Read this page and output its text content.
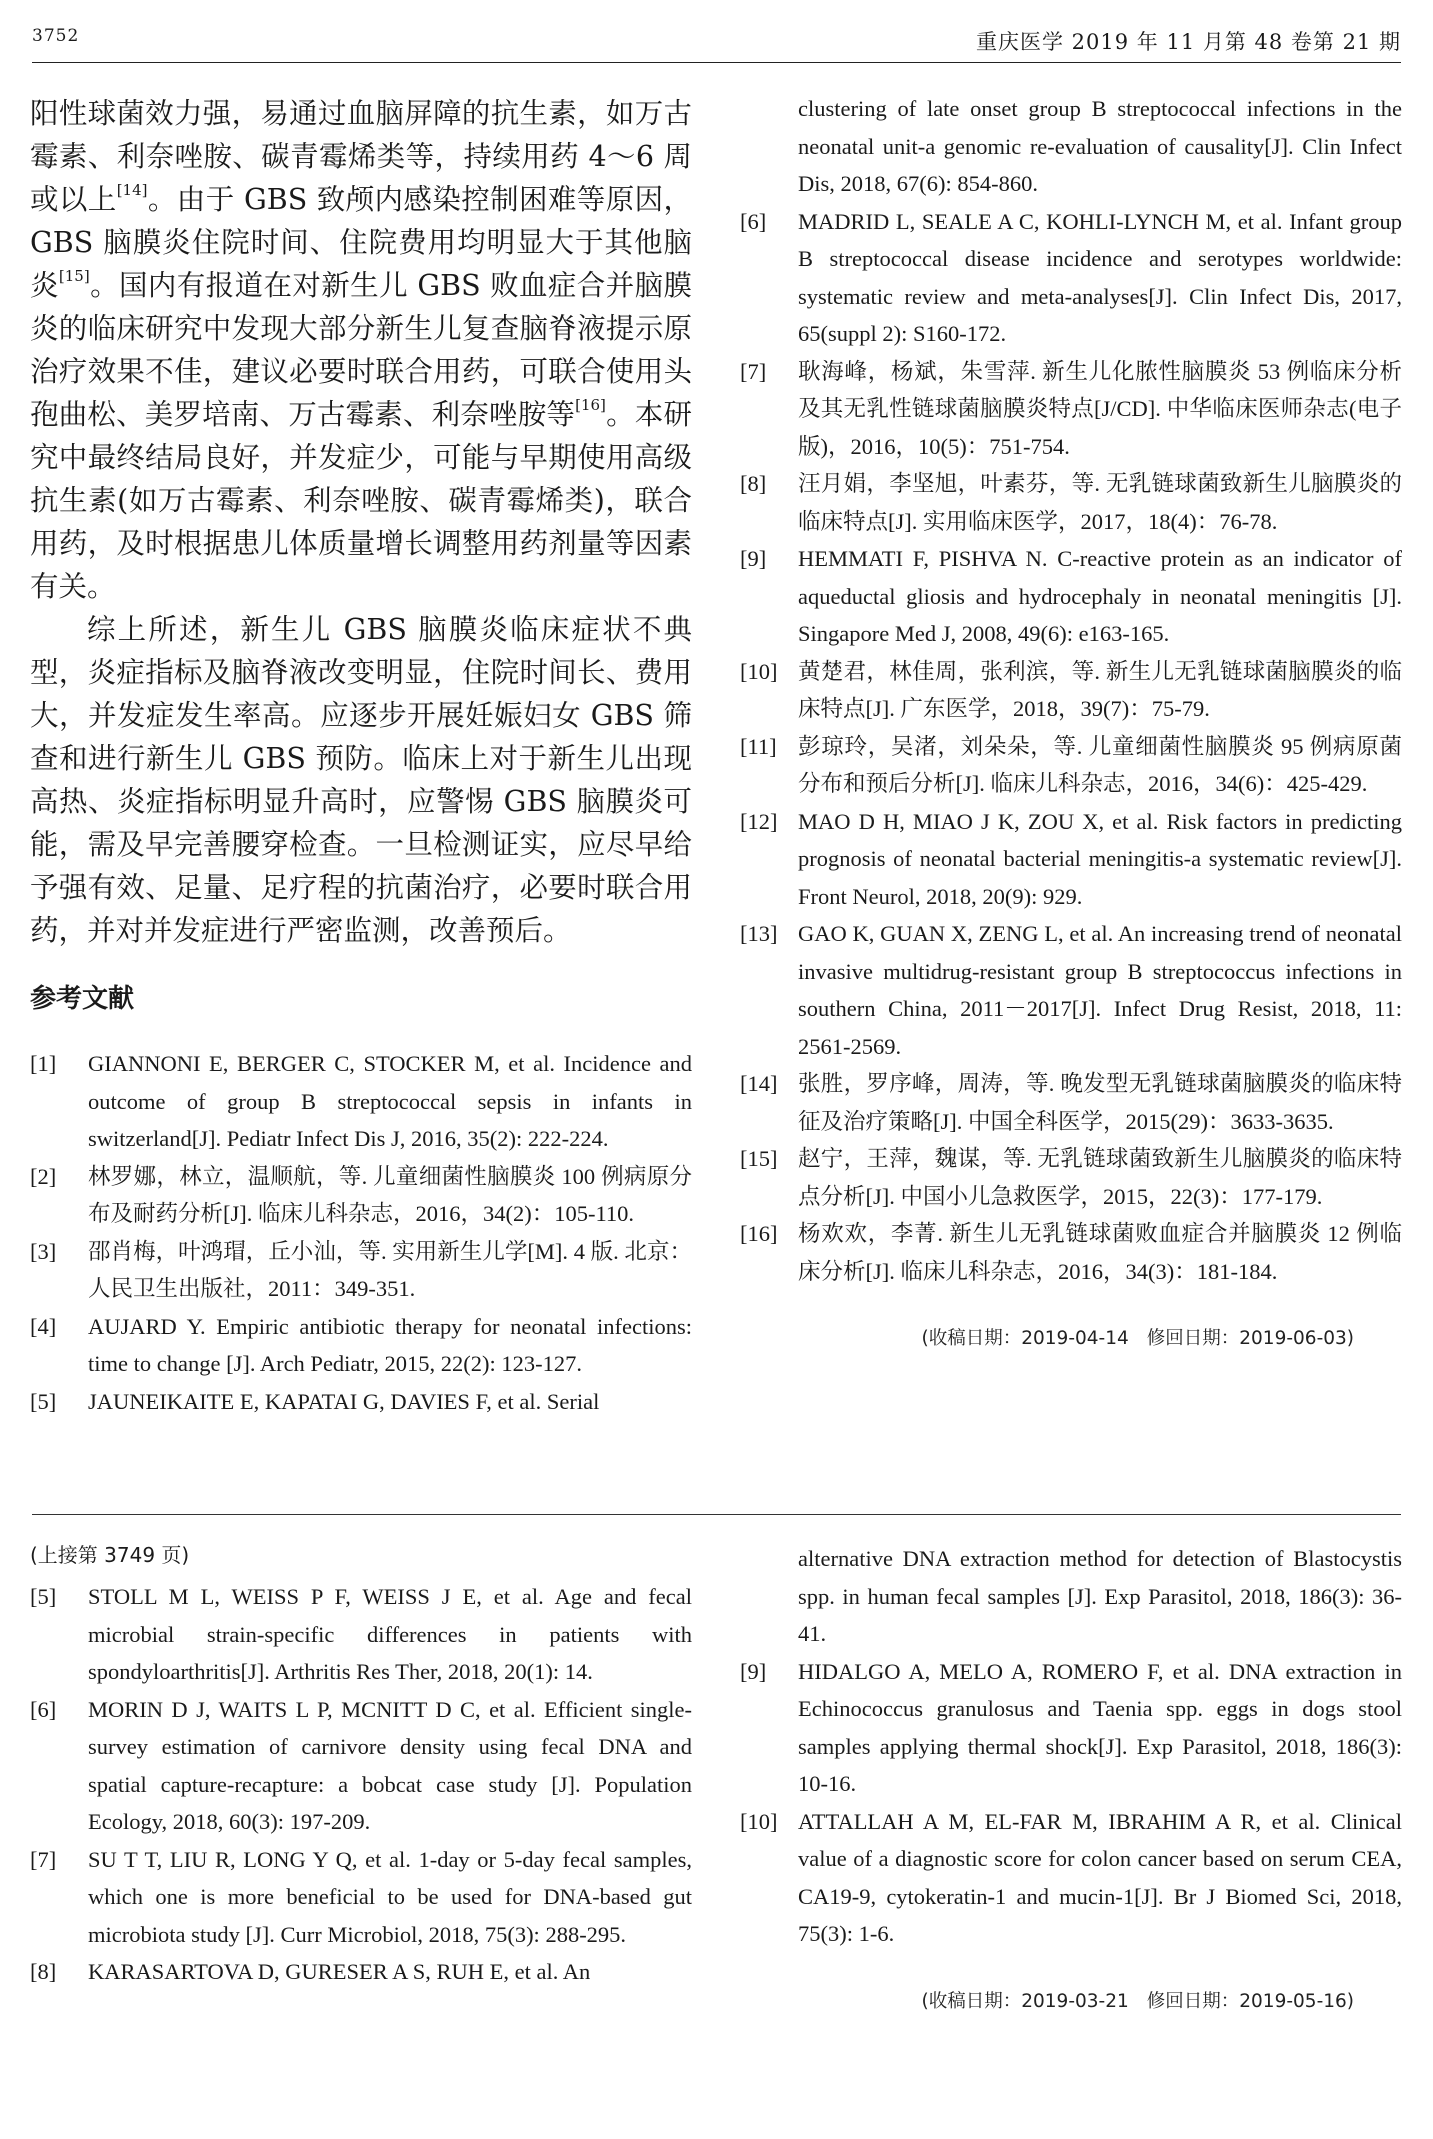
3752	重庆医学 2019 年 11 月第 48 卷第 21 期

阳性球菌效力强，易通过血脑屏障的抗生素，如万古霉素、利奈唑胺、碳青霉烯类等，持续用药 4～6 周或以上[14]。由于 GBS 致颅内感染控制困难等原因，GBS 脑膜炎住院时间、住院费用均明显大于其他脑炎[15]。国内有报道在对新生儿 GBS 败血症合并脑膜炎的临床研究中发现大部分新生儿复查脑脊液提示原治疗效果不佳，建议必要时联合用药，可联合使用头孢曲松、美罗培南、万古霉素、利奈唑胺等[16]。本研究中最终结局良好，并发症少，可能与早期使用高级抗生素(如万古霉素、利奈唑胺、碳青霉烯类)，联合用药，及时根据患儿体质量增长调整用药剂量等因素有关。

综上所述，新生儿 GBS 脑膜炎临床症状不典型，炎症指标及脑脊液改变明显，住院时间长、费用大，并发症发生率高。应逐步开展妊娠妇女 GBS 筛查和进行新生儿 GBS 预防。临床上对于新生儿出现高热、炎症指标明显升高时，应警惕 GBS 脑膜炎可能，需及早完善腰穿检查。一旦检测证实，应尽早给予强有效、足量、足疗程的抗菌治疗，必要时联合用药，并对并发症进行严密监测，改善预后。

参考文献

[1]	GIANNONI E, BERGER C, STOCKER M, et al. Incidence and outcome of group B streptococcal sepsis in infants in switzerland[J]. Pediatr Infect Dis J, 2016, 35(2): 222-224.

[2]	林罗娜，林立，温顺航，等. 儿童细菌性脑膜炎 100 例病原分布及耐药分析[J]. 临床儿科杂志，2016，34(2)：105-110.

[3]	邵肖梅，叶鸿瑁，丘小汕，等. 实用新生儿学[M]. 4 版. 北京：人民卫生出版社，2011：349-351.

[4]	AUJARD Y. Empiric antibiotic therapy for neonatal infections: time to change [J]. Arch Pediatr, 2015, 22(2): 123-127.

[5]	JAUNEIKAITE E, KAPATAI G, DAVIES F, et al. Serial

clustering of late onset group B streptococcal infections in the neonatal unit-a genomic re-evaluation of causality[J]. Clin Infect Dis, 2018, 67(6): 854-860.

[6]	MADRID L, SEALE A C, KOHLI-LYNCH M, et al. Infant group B streptococcal disease incidence and serotypes worldwide: systematic review and meta-analyses[J]. Clin Infect Dis, 2017, 65(suppl 2): S160-172.

[7]	耿海峰，杨斌，朱雪萍. 新生儿化脓性脑膜炎 53 例临床分析及其无乳性链球菌脑膜炎特点[J/CD]. 中华临床医师杂志(电子版)，2016，10(5)：751-754.

[8]	汪月娟，李坚旭，叶素芬，等. 无乳链球菌致新生儿脑膜炎的临床特点[J]. 实用临床医学，2017，18(4)：76-78.

[9]	HEMMATI F, PISHVA N. C-reactive protein as an indicator of aqueductal gliosis and hydrocephaly in neonatal meningitis [J]. Singapore Med J, 2008, 49(6): e163-165.

[10] 黄楚君，林佳周，张利滨，等. 新生儿无乳链球菌脑膜炎的临床特点[J]. 广东医学，2018，39(7)：75-79.

[11] 彭琼玲，吴渚，刘朵朵，等. 儿童细菌性脑膜炎 95 例病原菌分布和预后分析[J]. 临床儿科杂志，2016，34(6)：425-429.

[12] MAO D H, MIAO J K, ZOU X, et al. Risk factors in predicting prognosis of neonatal bacterial meningitis-a systematic review[J]. Front Neurol, 2018, 20(9): 929.

[13] GAO K, GUAN X, ZENG L, et al. An increasing trend of neonatal invasive multidrug-resistant group B streptococcus infections in southern China, 2011－2017[J]. Infect Drug Resist, 2018, 11: 2561-2569.

[14] 张胜，罗序峰，周涛，等. 晚发型无乳链球菌脑膜炎的临床特征及治疗策略[J]. 中国全科医学，2015(29)：3633-3635.

[15] 赵宁，王萍，魏谋，等. 无乳链球菌致新生儿脑膜炎的临床特点分析[J]. 中国小儿急救医学，2015，22(3)：177-179.

[16] 杨欢欢，李菁. 新生儿无乳链球菌败血症合并脑膜炎 12 例临床分析[J]. 临床儿科杂志，2016，34(3)：181-184.

(收稿日期：2019-04-14 修回日期：2019-06-03)

(上接第 3749 页)

[5]	STOLL M L, WEISS P F, WEISS J E, et al. Age and fecal microbial strain-specific differences in patients with spondyloarthritis[J]. Arthritis Res Ther, 2018, 20(1): 14.

[6]	MORIN D J, WAITS L P, MCNITT D C, et al. Efficient single-survey estimation of carnivore density using fecal DNA and spatial capture-recapture: a bobcat case study [J]. Population Ecology, 2018, 60(3): 197-209.

[7]	SU T T, LIU R, LONG Y Q, et al. 1-day or 5-day fecal samples, which one is more beneficial to be used for DNA-based gut microbiota study [J]. Curr Microbiol, 2018, 75(3): 288-295.

[8]	KARASARTOVA D, GURESER A S, RUH E, et al. An

alternative DNA extraction method for detection of Blastocystis spp. in human fecal samples [J]. Exp Parasitol, 2018, 186(3): 36-41.

[9]	HIDALGO A, MELO A, ROMERO F, et al. DNA extraction in Echinococcus granulosus and Taenia spp. eggs in dogs stool samples applying thermal shock[J]. Exp Parasitol, 2018, 186(3): 10-16.

[10] ATTALLAH A M, EL-FAR M, IBRAHIM A R, et al. Clinical value of a diagnostic score for colon cancer based on serum CEA, CA19-9, cytokeratin-1 and mucin-1[J]. Br J Biomed Sci, 2018, 75(3): 1-6.

(收稿日期：2019-03-21 修回日期：2019-05-16)
